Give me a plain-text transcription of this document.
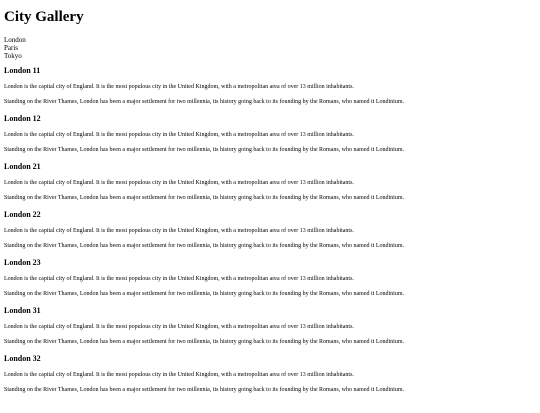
City Gallery
London
Paris
Tokyo
London 11

London is the capital city of England. It is the most populous city in the United Kingdom, with a metropolitan area of over 13 million inhabitants.

Standing on the River Thames, London has been a major settlement for two millennia, its history going back to its founding by the Romans, who named it Londinium.

London 12

London is the capital city of England. It is the most populous city in the United Kingdom, with a metropolitan area of over 13 million inhabitants.

Standing on the River Thames, London has been a major settlement for two millennia, its history going back to its founding by the Romans, who named it Londinium.

London 21

London is the capital city of England. It is the most populous city in the United Kingdom, with a metropolitan area of over 13 million inhabitants.

Standing on the River Thames, London has been a major settlement for two millennia, its history going back to its founding by the Romans, who named it Londinium.

London 22

London is the capital city of England. It is the most populous city in the United Kingdom, with a metropolitan area of over 13 million inhabitants.

Standing on the River Thames, London has been a major settlement for two millennia, its history going back to its founding by the Romans, who named it Londinium.

London 23

London is the capital city of England. It is the most populous city in the United Kingdom, with a metropolitan area of over 13 million inhabitants.

Standing on the River Thames, London has been a major settlement for two millennia, its history going back to its founding by the Romans, who named it Londinium.

London 31

London is the capital city of England. It is the most populous city in the United Kingdom, with a metropolitan area of over 13 million inhabitants.

Standing on the River Thames, London has been a major settlement for two millennia, its history going back to its founding by the Romans, who named it Londinium.

London 32

London is the capital city of England. It is the most populous city in the United Kingdom, with a metropolitan area of over 13 million inhabitants.

Standing on the River Thames, London has been a major settlement for two millennia, its history going back to its founding by the Romans, who named it Londinium.
